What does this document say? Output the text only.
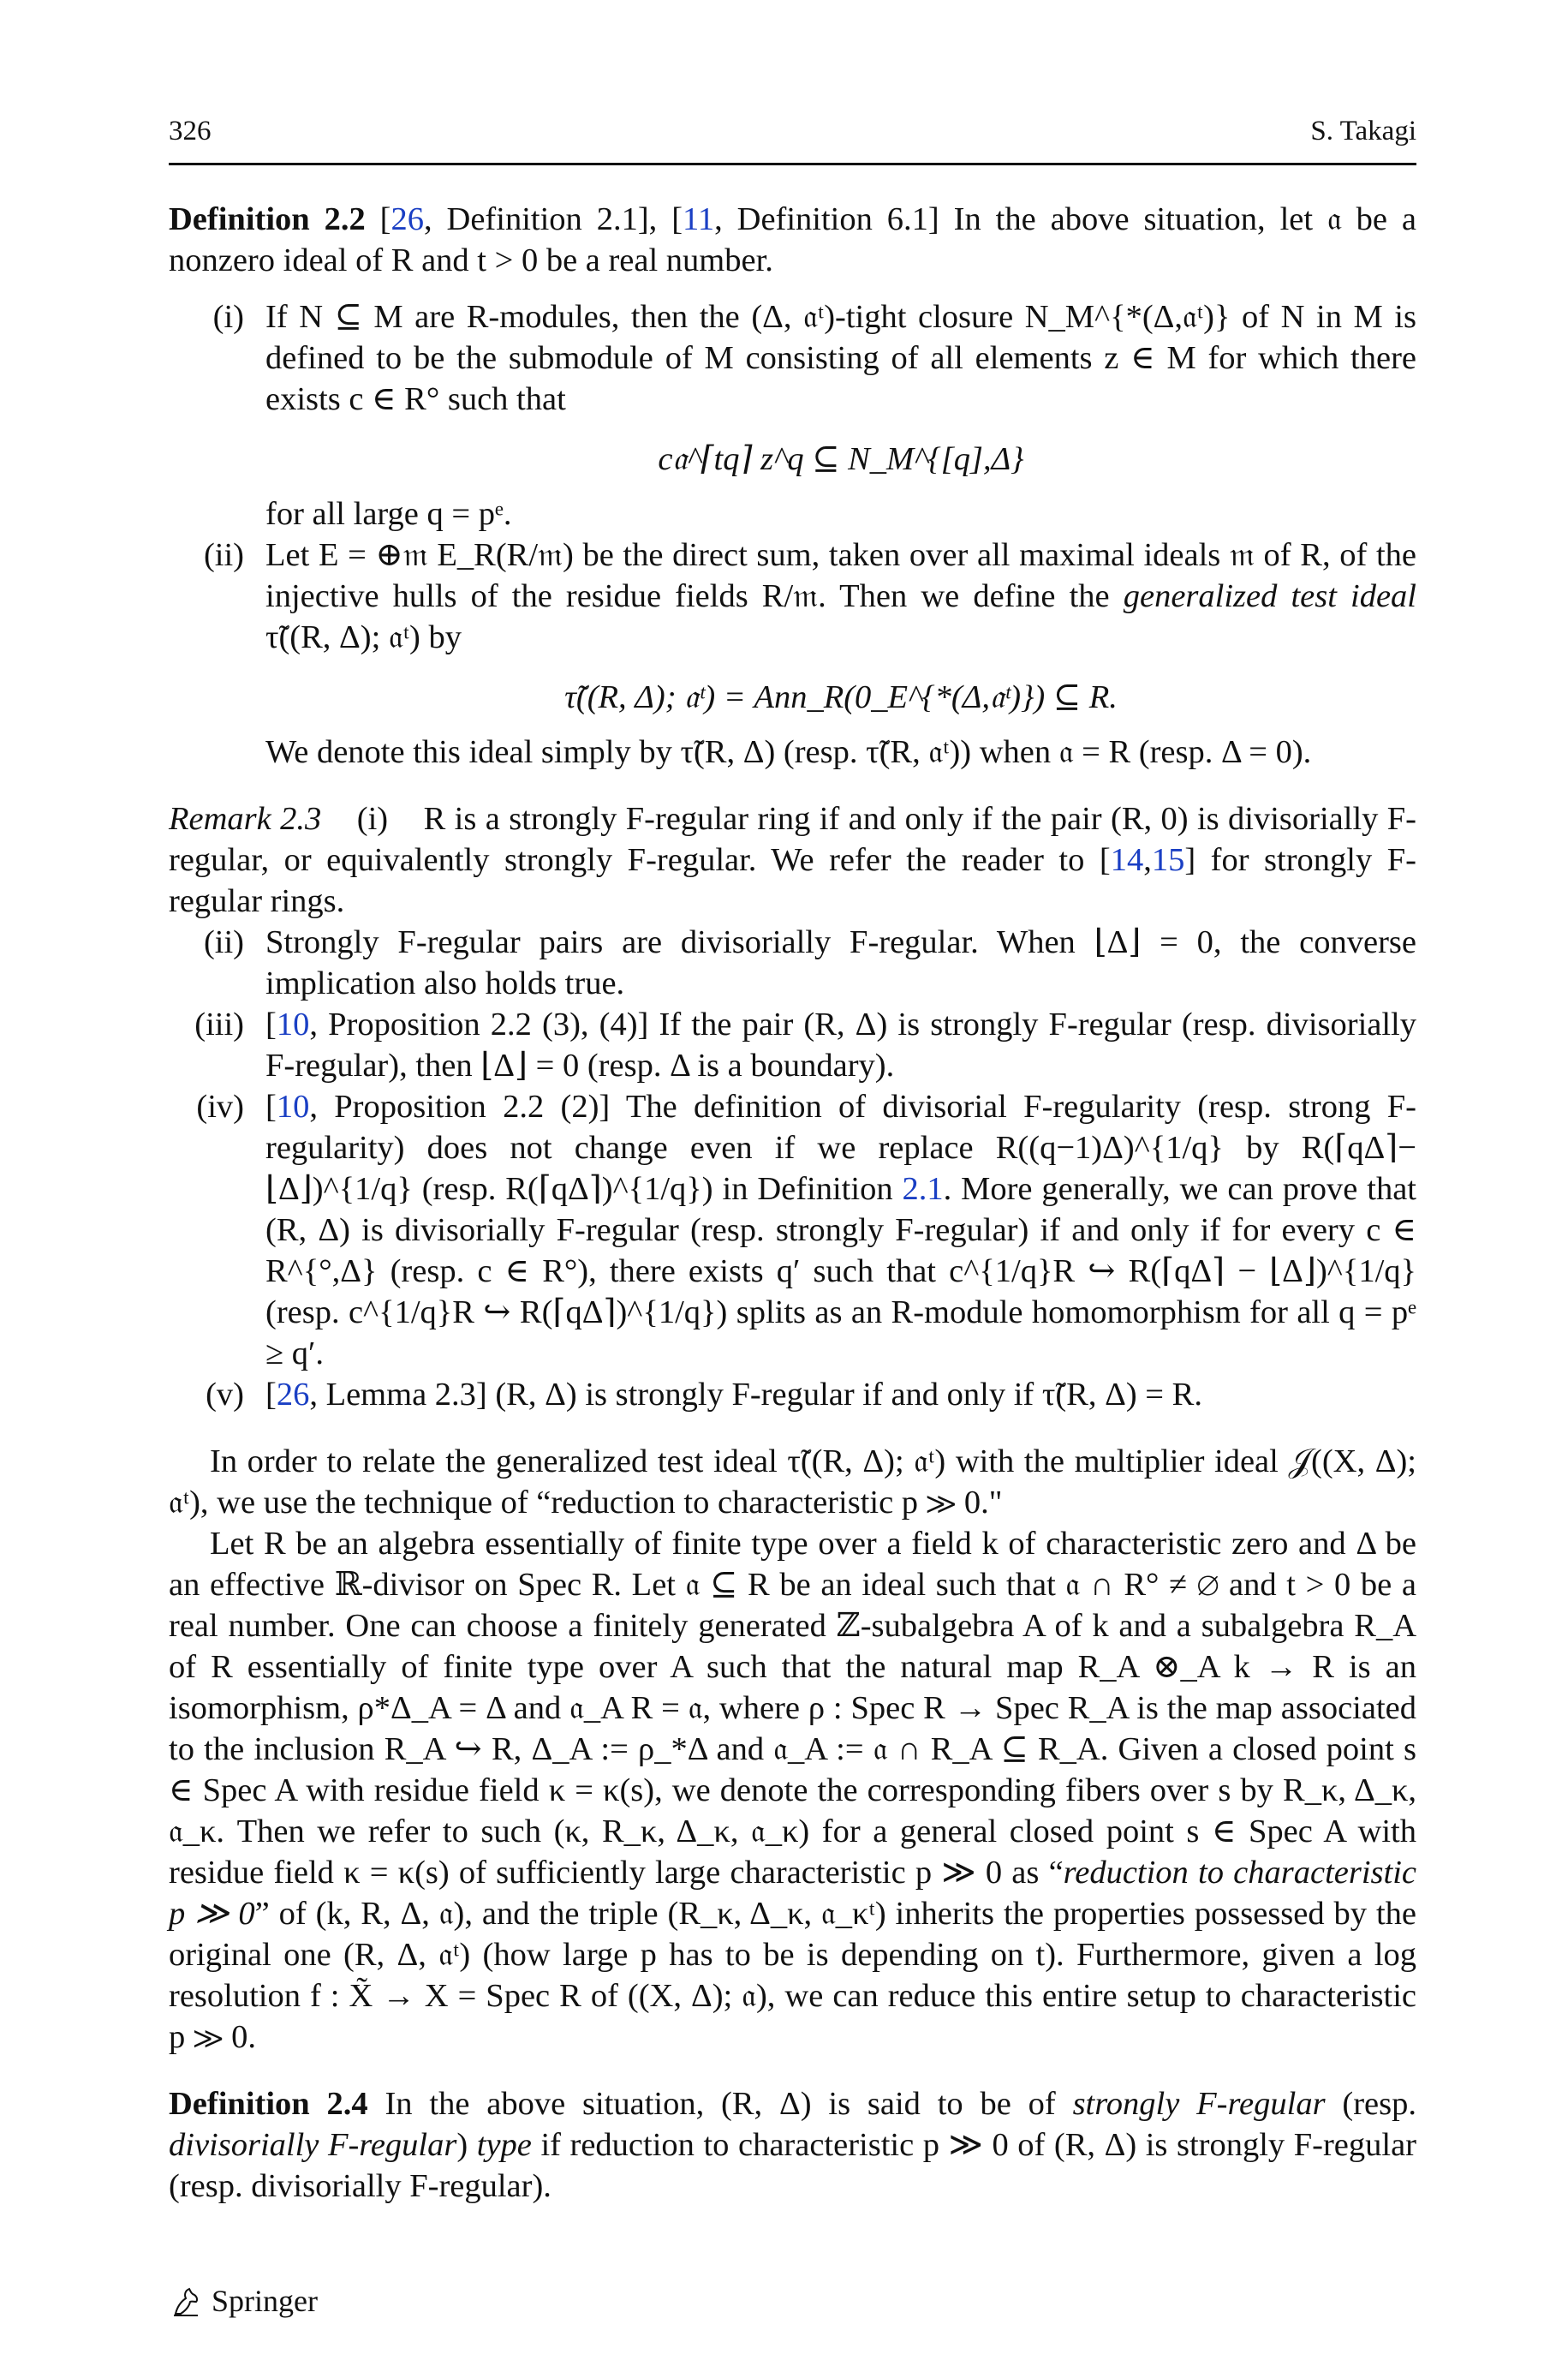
326	S. Takagi

Definition 2.2 [26, Definition 2.1], [11, Definition 6.1] In the above situation, let 𝔞 be a nonzero ideal of R and t > 0 be a real number.

(i) If N ⊆ M are R-modules, then the (Δ, 𝔞ᵗ)-tight closure N_M^{*(Δ,𝔞ᵗ)} of N in M is defined to be the submodule of M consisting of all elements z ∈ M for which there exists c ∈ R° such that
c𝔞^⌈tq⌉ z^q ⊆ N_M^{[q],Δ}
for all large q = pᵉ.
(ii) Let E = ⊕𝔪 E_R(R/𝔪) be the direct sum, taken over all maximal ideals 𝔪 of R, of the injective hulls of the residue fields R/𝔪. Then we define the generalized test ideal τ̃((R, Δ); 𝔞ᵗ) by
τ̃((R, Δ); 𝔞ᵗ) = Ann_R(0_E^{*(Δ,𝔞ᵗ)}) ⊆ R.
We denote this ideal simply by τ̃(R, Δ) (resp. τ̃(R, 𝔞ᵗ)) when 𝔞 = R (resp. Δ = 0).

Remark 2.3 (i) R is a strongly F-regular ring if and only if the pair (R, 0) is divisorially F-regular, or equivalently strongly F-regular. We refer the reader to [14,15] for strongly F-regular rings.

(ii) Strongly F-regular pairs are divisorially F-regular. When ⌊Δ⌋ = 0, the converse implication also holds true.
(iii) [10, Proposition 2.2 (3), (4)] If the pair (R, Δ) is strongly F-regular (resp. divisorially F-regular), then ⌊Δ⌋ = 0 (resp. Δ is a boundary).
(iv) [10, Proposition 2.2 (2)] The definition of divisorial F-regularity (resp. strong F-regularity) does not change even if we replace R((q−1)Δ)^{1/q} by R(⌈qΔ⌉−⌊Δ⌋)^{1/q} (resp. R(⌈qΔ⌉)^{1/q}) in Definition 2.1. More generally, we can prove that (R, Δ) is divisorially F-regular (resp. strongly F-regular) if and only if for every c ∈ R^{°,Δ} (resp. c ∈ R°), there exists q′ such that c^{1/q}R ↪ R(⌈qΔ⌉ − ⌊Δ⌋)^{1/q} (resp. c^{1/q}R ↪ R(⌈qΔ⌉)^{1/q}) splits as an R-module homomorphism for all q = pᵉ ≥ q′.
(v) [26, Lemma 2.3] (R, Δ) is strongly F-regular if and only if τ̃(R, Δ) = R.

In order to relate the generalized test ideal τ̃((R, Δ); 𝔞ᵗ) with the multiplier ideal 𝒥((X, Δ); 𝔞ᵗ), we use the technique of “reduction to characteristic p ≫ 0."

Let R be an algebra essentially of finite type over a field k of characteristic zero and Δ be an effective ℝ-divisor on Spec R. Let 𝔞 ⊆ R be an ideal such that 𝔞 ∩ R° ≠ ∅ and t > 0 be a real number. One can choose a finitely generated ℤ-subalgebra A of k and a subalgebra R_A of R essentially of finite type over A such that the natural map R_A ⊗_A k → R is an isomorphism, ρ*Δ_A = Δ and 𝔞_A R = 𝔞, where ρ : Spec R → Spec R_A is the map associated to the inclusion R_A ↪ R, Δ_A := ρ_*Δ and 𝔞_A := 𝔞 ∩ R_A ⊆ R_A. Given a closed point s ∈ Spec A with residue field κ = κ(s), we denote the corresponding fibers over s by R_κ, Δ_κ, 𝔞_κ. Then we refer to such (κ, R_κ, Δ_κ, 𝔞_κ) for a general closed point s ∈ Spec A with residue field κ = κ(s) of sufficiently large characteristic p ≫ 0 as “reduction to characteristic p ≫ 0” of (k, R, Δ, 𝔞), and the triple (R_κ, Δ_κ, 𝔞_κᵗ) inherits the properties possessed by the original one (R, Δ, 𝔞ᵗ) (how large p has to be is depending on t). Furthermore, given a log resolution f : X̃ → X = Spec R of ((X, Δ); 𝔞), we can reduce this entire setup to characteristic p ≫ 0.

Definition 2.4 In the above situation, (R, Δ) is said to be of strongly F-regular (resp. divisorially F-regular) type if reduction to characteristic p ≫ 0 of (R, Δ) is strongly F-regular (resp. divisorially F-regular).

Springer
